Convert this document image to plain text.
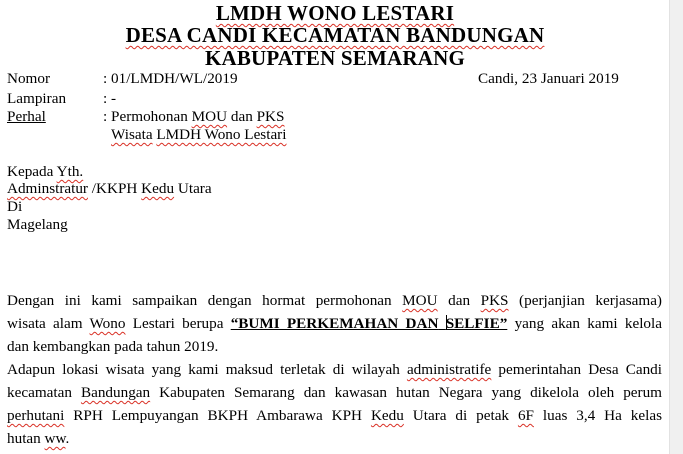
LMDH WONO LESTARI
DESA CANDI KECAMATAN BANDUNGAN
KABUPATEN SEMARANG
Nomor	: 01/LMDH/WL/2019	Candi, 23 Januari 2019
Lampiran : -
Perhal	: Permohonan MOU dan PKS
Wisata LMDH Wono Lestari
Kepada Yth.
Adminstratur /KKPH Kedu Utara
Di
Magelang
Dengan ini kami sampaikan dengan hormat permohonan MOU dan PKS (perjanjian kerjasama)
wisata alam Wono Lestari berupa “BUMI PERKEMAHAN DAN SELFIE” yang akan kami kelola
dan kembangkan pada tahun 2019.
Adapun lokasi wisata yang kami maksud terletak di wilayah administratife pemerintahan Desa Candi
kecamatan Bandungan Kabupaten Semarang dan kawasan hutan Negara yang dikelola oleh perum
perhutani RPH Lempuyangan BKPH Ambarawa KPH Kedu Utara di petak 6F luas 3,4 Ha kelas
hutan ww.
